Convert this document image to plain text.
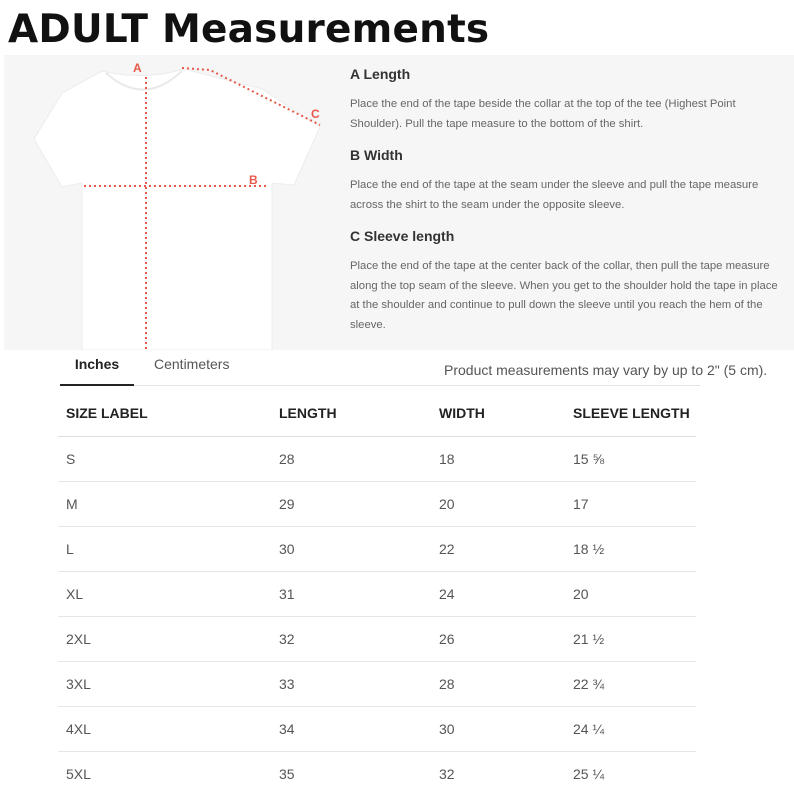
ADULT Measurements
A
B
C

A Length

Place the end of the tape beside the collar at the top of the tee (Highest Point Shoulder). Pull the tape measure to the bottom of the shirt.

B Width

Place the end of the tape at the seam under the sleeve and pull the tape measure across the shirt to the seam under the opposite sleeve.

C Sleeve length

Place the end of the tape at the center back of the collar, then pull the tape measure along the top seam of the sleeve. When you get to the shoulder hold the tape in place at the shoulder and continue to pull down the sleeve until you reach the hem of the sleeve.

Inches	Centimeters	Product measurements may vary by up to 2" (5 cm).
SIZE LABEL	LENGTH	WIDTH	SLEEVE LENGTH
S	28	18	15 ⅝
M	29	20	17
L	30	22	18 ½
XL	31	24	20
2XL	32	26	21 ½
3XL	33	28	22 ¾
4XL	34	30	24 ¼
5XL	35	32	25 ¼
